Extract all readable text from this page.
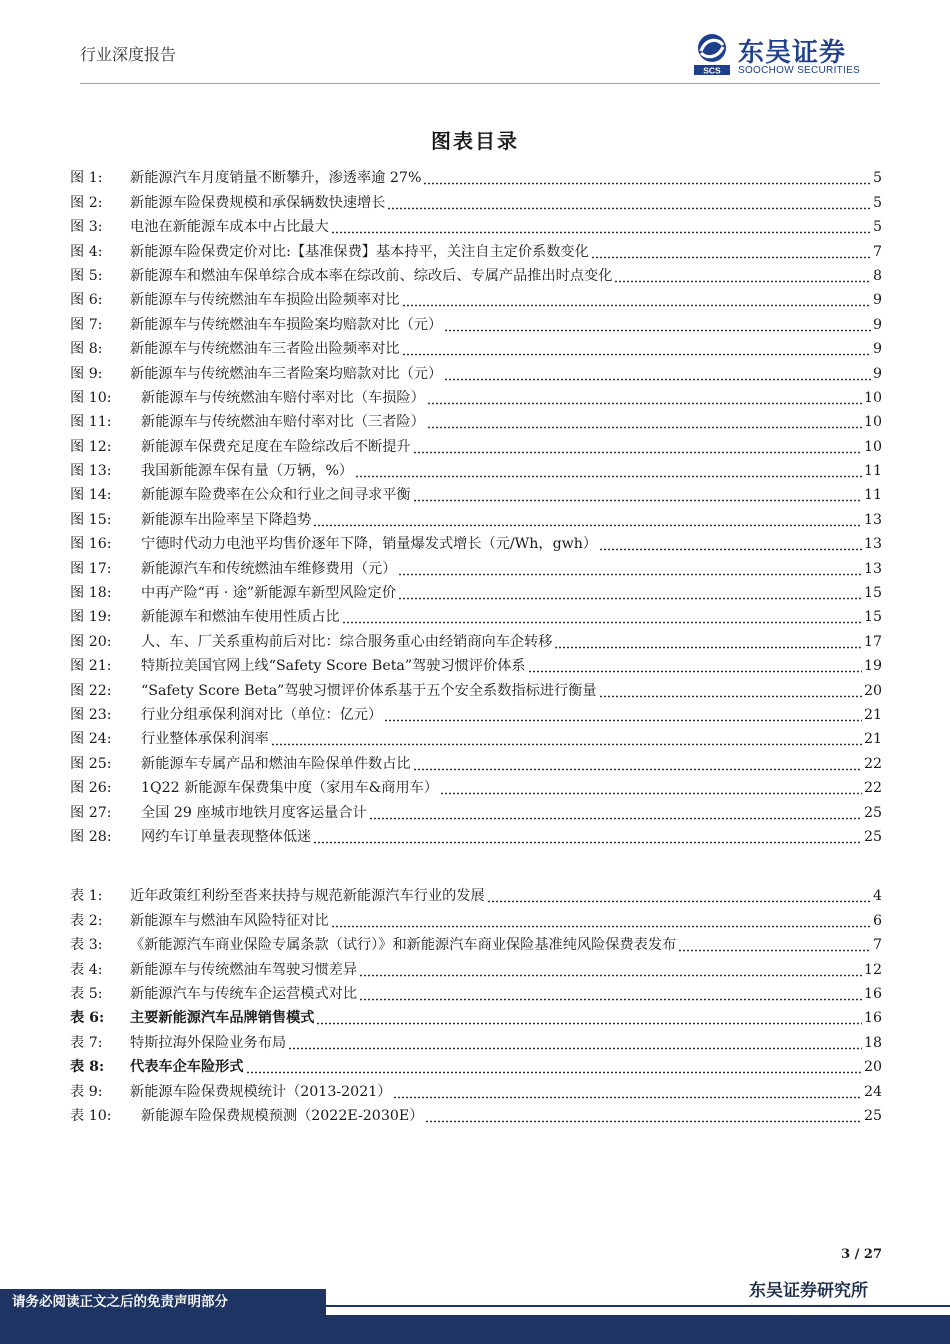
行业深度报告
SCS
东吴证券
SOOCHOW SECURITIES
图表目录
图 1:	新能源汽车月度销量不断攀升，渗透率逾 27%	5
图 2:	新能源车险保费规模和承保辆数快速增长	5
图 3:	电池在新能源车成本中占比最大	5
图 4:	新能源车险保费定价对比:【基准保费】基本持平，关注自主定价系数变化	7
图 5:	新能源车和燃油车保单综合成本率在综改前、综改后、专属产品推出时点变化	8
图 6:	新能源车与传统燃油车车损险出险频率对比	9
图 7:	新能源车与传统燃油车车损险案均赔款对比（元）	9
图 8:	新能源车与传统燃油车三者险出险频率对比	9
图 9:	新能源车与传统燃油车三者险案均赔款对比（元）	9
图 10:	新能源车与传统燃油车赔付率对比（车损险）	10
图 11:	新能源车与传统燃油车赔付率对比（三者险）	10
图 12:	新能源车保费充足度在车险综改后不断提升	10
图 13:	我国新能源车保有量（万辆，%）	11
图 14:	新能源车险费率在公众和行业之间寻求平衡	11
图 15:	新能源车出险率呈下降趋势	13
图 16:	宁德时代动力电池平均售价逐年下降，销量爆发式增长（元/Wh，gwh）	13
图 17:	新能源汽车和传统燃油车维修费用（元）	13
图 18:	中再产险“再 · 途”新能源车新型风险定价	15
图 19:	新能源车和燃油车使用性质占比	15
图 20:	人、车、厂关系重构前后对比：综合服务重心由经销商向车企转移	17
图 21:	特斯拉美国官网上线“Safety Score Beta”驾驶习惯评价体系	19
图 22:	“Safety Score Beta”驾驶习惯评价体系基于五个安全系数指标进行衡量	20
图 23:	行业分组承保利润对比（单位：亿元）	21
图 24:	行业整体承保利润率	21
图 25:	新能源车专属产品和燃油车险保单件数占比	22
图 26:	1Q22 新能源车保费集中度（家用车&商用车）	22
图 27:	全国 29 座城市地铁月度客运量合计	25
图 28:	网约车订单量表现整体低迷	25
表 1:	近年政策红利纷至沓来扶持与规范新能源汽车行业的发展	4
表 2:	新能源车与燃油车风险特征对比	6
表 3:	《新能源汽车商业保险专属条款（试行）》和新能源汽车商业保险基准纯风险保费表发布	7
表 4:	新能源车与传统燃油车驾驶习惯差异	12
表 5:	新能源汽车与传统车企运营模式对比	16
表 6:	主要新能源汽车品牌销售模式	16
表 7:	特斯拉海外保险业务布局	18
表 8:	代表车企车险形式	20
表 9:	新能源车险保费规模统计（2013-2021）	24
表 10:	新能源车险保费规模预测（2022E-2030E）	25
3 / 27
东吴证券研究所
请务必阅读正文之后的免责声明部分
